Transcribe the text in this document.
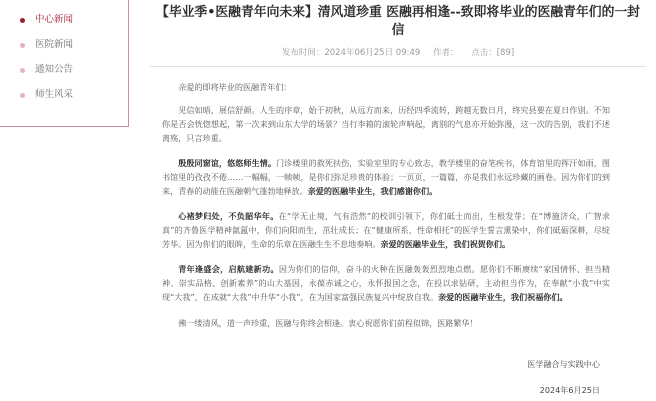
中心新闻
医院新闻
通知公告
师生风采
【毕业季•医融青年向未来】清风道珍重 医融再相逢--致即将毕业的医融青年们的一封信
发布时间：2024年06月25日 09:49 作者： 点击：[89]

亲爱的即将毕业的医融青年们：

见信如晤，展信舒颜。人生的序章，始于初秋，从远方而来，历经四季流转，跨越无数日月，终究县要在夏日作别。不知你是否会恍惚想起，第一次来到山东大学的场景？当行李箱的滚轮声响起，离别的气息亦开始弥漫，这一次的告别，我们不述离殇，只言珍重。

殷殷同窗谊，悠悠师生情。门诊楼里的救死扶伤，实验室里的专心致志，教学楼里的奋笔疾书，体育馆里的挥汗如雨，图书馆里的孜孜不倦……一幅幅，一帧帧，是你们弥足珍贵的体验；一页页，一篇篇，亦是我们永远珍藏的画卷。因为你们的到来，青春的动能在医融朝气蓬勃地释放。亲爱的医融毕业生，我们感谢你们。

心褚梦归处，不负韶华年。在“学无止境，气有浩然”的校训引领下，你们砥士而出，生根发芽；在“博施济众，广智求真”的齐鲁医学精神氤氲中，你们向阳而生，茁壮成长；在“健康所系，性命相托”的医学生誓言熏染中，你们砥砺深耕，尽绽芳华。因为你们的眼眸，生命的乐章在医融生生不息地奏响。亲爱的医融毕业生，我们祝贺你们。

青年逢盛会，启航建新功。因为你们的信仰，奋斗的火种在医融轰轰烈烈地点燃。愿你们不断赓续“家国情怀、担当精神、崇实品格、创新素养”的山大基因，永葆赤诚之心，永怀报国之念，在投以求钻研，主动担当作为，在奉献“小我”中实现“大我”，在成就“大我”中升华“小我”，在为国家富强民族复兴中绽放自我。亲爱的医融毕业生，我们祝福你们。

拂一缕清风，道一声珍重，医融与你终会相逢。衷心祝愿你们前程似锦，医路繁华！

医学融合与实践中心
2024年6月25日
